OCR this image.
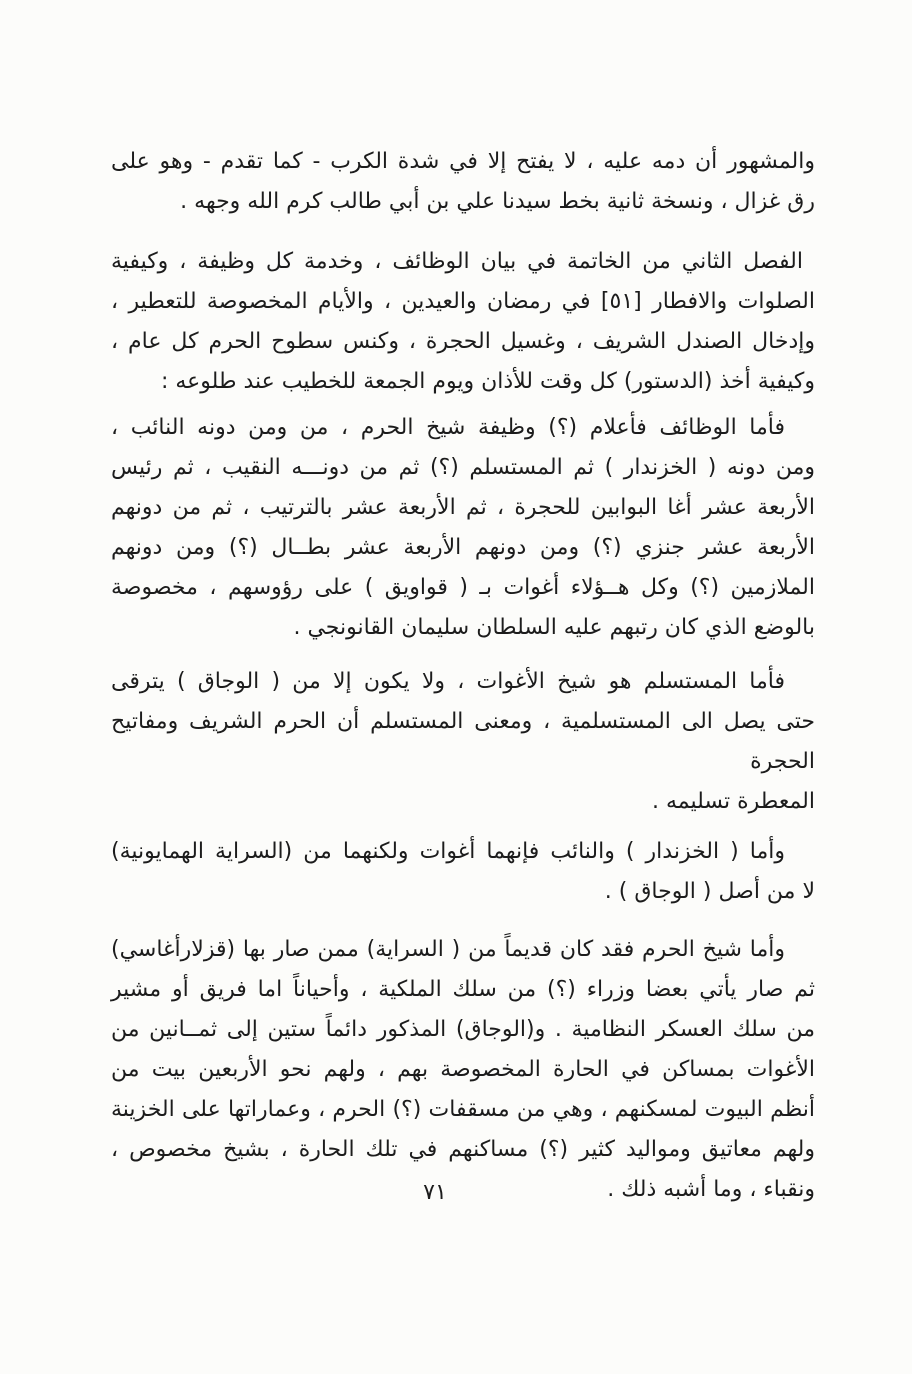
والمشهور أن دمه عليه ، لا يفتح إلا في شدة الكرب - كما تقدم - وهو على
رق غزال ، ونسخة ثانية بخط سيدنا علي بن أبي طالب كرم الله وجهه .

الفصل الثاني من الخاتمة في بيان الوظائف ، وخدمة كل وظيفة ، وكيفية
الصلوات والافطار [٥١] في رمضان والعيدين ، والأيام المخصوصة للتعطير ،
وإدخال الصندل الشريف ، وغسيل الحجرة ، وكنس سطوح الحرم كل عام ،
وكيفية أخذ (الدستور) كل وقت للأذان ويوم الجمعة للخطيب عند طلوعه :

فأما الوظائف فأعلام (؟) وظيفة شيخ الحرم ، من ومن دونه النائب ،
ومن دونه ( الخزندار ) ثم المستسلم (؟) ثم من دونـــه النقيب ، ثم رئيس
الأربعة عشر أغا البوابين للحجرة ، ثم الأربعة عشر بالترتيب ، ثم من دونهم
الأربعة عشر جنزي (؟) ومن دونهم الأربعة عشر بطــال (؟) ومن دونهم
الملازمين (؟) وكل هــؤلاء أغوات بـ ( قواويق ) على رؤوسهم ، مخصوصة
بالوضع الذي كان رتبهم عليه السلطان سليمان القانونجي .

فأما المستسلم هو شيخ الأغوات ، ولا يكون إلا من ( الوجاق ) يترقى
حتى يصل الى المستسلمية ، ومعنى المستسلم أن الحرم الشريف ومفاتيح الحجرة
المعطرة تسليمه .

وأما ( الخزندار ) والنائب فإنهما أغوات ولكنهما من (السراية الهمايونية)
لا من أصل ( الوجاق ) .

وأما شيخ الحرم فقد كان قديماً من ( السراية) ممن صار بها (قزلارأغاسي)
ثم صار يأتي بعضا وزراء (؟) من سلك الملكية ، وأحياناً اما فريق أو مشير
من سلك العسكر النظامية . و(الوجاق) المذكور دائماً ستين إلى ثمــانين من
الأغوات بمساكن في الحارة المخصوصة بهم ، ولهم نحو الأربعين بيت من
أنظم البيوت لمسكنهم ، وهي من مسقفات (؟) الحرم ، وعماراتها على الخزينة
ولهم معاتيق ومواليد كثير (؟) مساكنهم في تلك الحارة ، بشيخ مخصوص ،
ونقباء ، وما أشبه ذلك .

٧١
